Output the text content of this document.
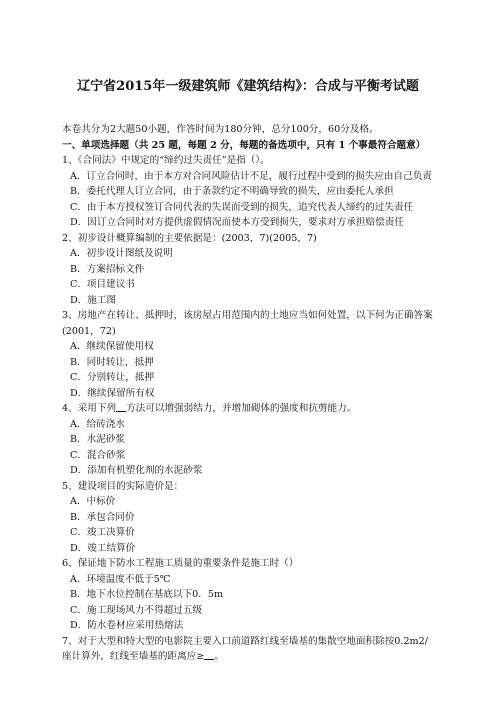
辽宁省2015年一级建筑师《建筑结构》：合成与平衡考试题
本卷共分为2大题50小题，作答时间为180分钟，总分100分，60分及格。
一、单项选择题（共 25 题，每题 2 分，每题的备选项中，只有 1 个事最符合题意）
1、《合同法》中规定的“缔约过失责任”是指（）。
A．订立合同时，由于本方对合同风险估计不足，履行过程中受到的损失应由自己负责
B．委托代理人订立合同，由于条款约定不明确导致的损失，应由委托人承担
C．由于本方授权签订合同代表的失误而受到的损失，追究代表人缔约的过失责任
D．因订立合同时对方提供虚假情况而使本方受到损失，要求对方承担赔偿责任
2、初步设计概算编制的主要依据是：(2003，7)(2005，7)
A．初步设计图纸及说明
B．方案招标文件
C．项目建议书
D．施工图
3、房地产在转让、抵押时，该房屋占用范围内的土地应当如何处置，以下何为正确答案(2001，72)
A．继续保留使用权
B．同时转让，抵押
C．分别转让，抵押
D．继续保留所有权
4、采用下列 方法可以增强弱结力，并增加砌体的强度和抗剪能力。
A．给砖浇水
B．水泥砂浆
C．混合砂浆
D．添加有机塑化剂的水泥砂浆
5、建设项目的实际造价是：
A．中标价
B．承包合同价
C．竣工决算价
D．竣工结算价
6、保证地下防水工程施工质量的重要条件是施工时（）
A．环境温度不低于5℃
B．地下水位控制在基底以下0．5m
C．施工现场风力不得超过五级
D．防水卷材应采用热熔法
7、对于大型和特大型的电影院主要入口前道路红线至墙基的集散空地面积除按0.2m2/座计算外，红线至墙基的距离应≥ 。
